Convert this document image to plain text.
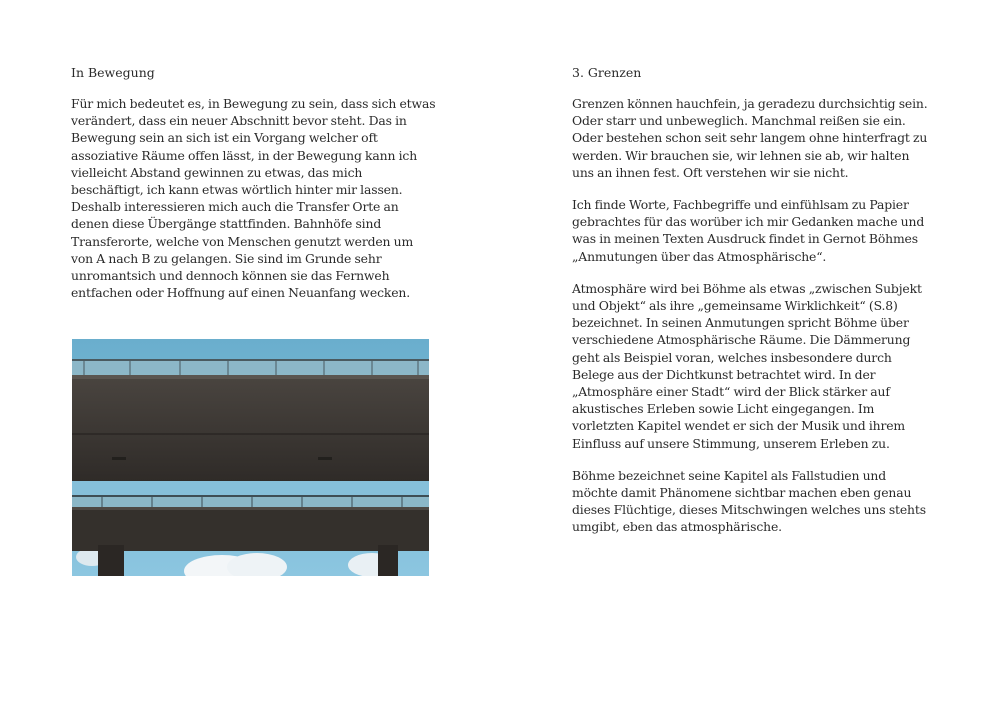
In Bewegung

Für mich bedeutet es, in Bewegung zu sein, dass sich etwas verändert, dass ein neuer Abschnitt bevor steht. Das in Bewegung sein an sich ist ein Vorgang welcher oft assoziative Räume offen lässt, in der Bewegung kann ich vielleicht Abstand gewinnen zu etwas, das mich beschäftigt, ich kann etwas wörtlich hinter mir lassen. Deshalb interessieren mich auch die Transfer Orte an denen diese Übergänge stattfinden. Bahnhöfe sind Transferorte, welche von Menschen genutzt werden um von A nach B zu gelangen. Sie sind im Grunde sehr unromantsich und dennoch können sie das Fernweh entfachen oder Hoffnung auf einen Neuanfang wecken.

3. Grenzen

Grenzen können hauchfein, ja geradezu durchsichtig sein. Oder starr und unbeweglich. Manchmal reißen sie ein. Oder bestehen schon seit sehr langem ohne hinterfragt zu werden. Wir brauchen sie, wir lehnen sie ab, wir halten uns an ihnen fest. Oft verstehen wir sie nicht.

Ich finde Worte, Fachbegriffe und einfühlsam zu Papier gebrachtes für das worüber ich mir Gedanken mache und was in meinen Texten Ausdruck findet in Gernot Böhmes „Anmutungen über das Atmosphärische“.

Atmosphäre wird bei Böhme als etwas „zwischen Subjekt und Objekt“ als ihre „gemeinsame Wirklichkeit“ (S.8) bezeichnet. In seinen Anmutungen spricht Böhme über verschiedene Atmosphärische Räume. Die Dämmerung geht als Beispiel voran, welches insbesondere durch Belege aus der Dichtkunst betrachtet wird. In der „Atmosphäre einer Stadt“ wird der Blick stärker auf akustisches Erleben sowie Licht eingegangen. Im vorletzten Kapitel wendet er sich der Musik und ihrem Einfluss auf unsere Stimmung, unserem Erleben zu.

Böhme bezeichnet seine Kapitel als Fallstudien und möchte damit Phänomene sichtbar machen eben genau dieses Flüchtige, dieses Mitschwingen welches uns stehts umgibt, eben das atmosphärische.
